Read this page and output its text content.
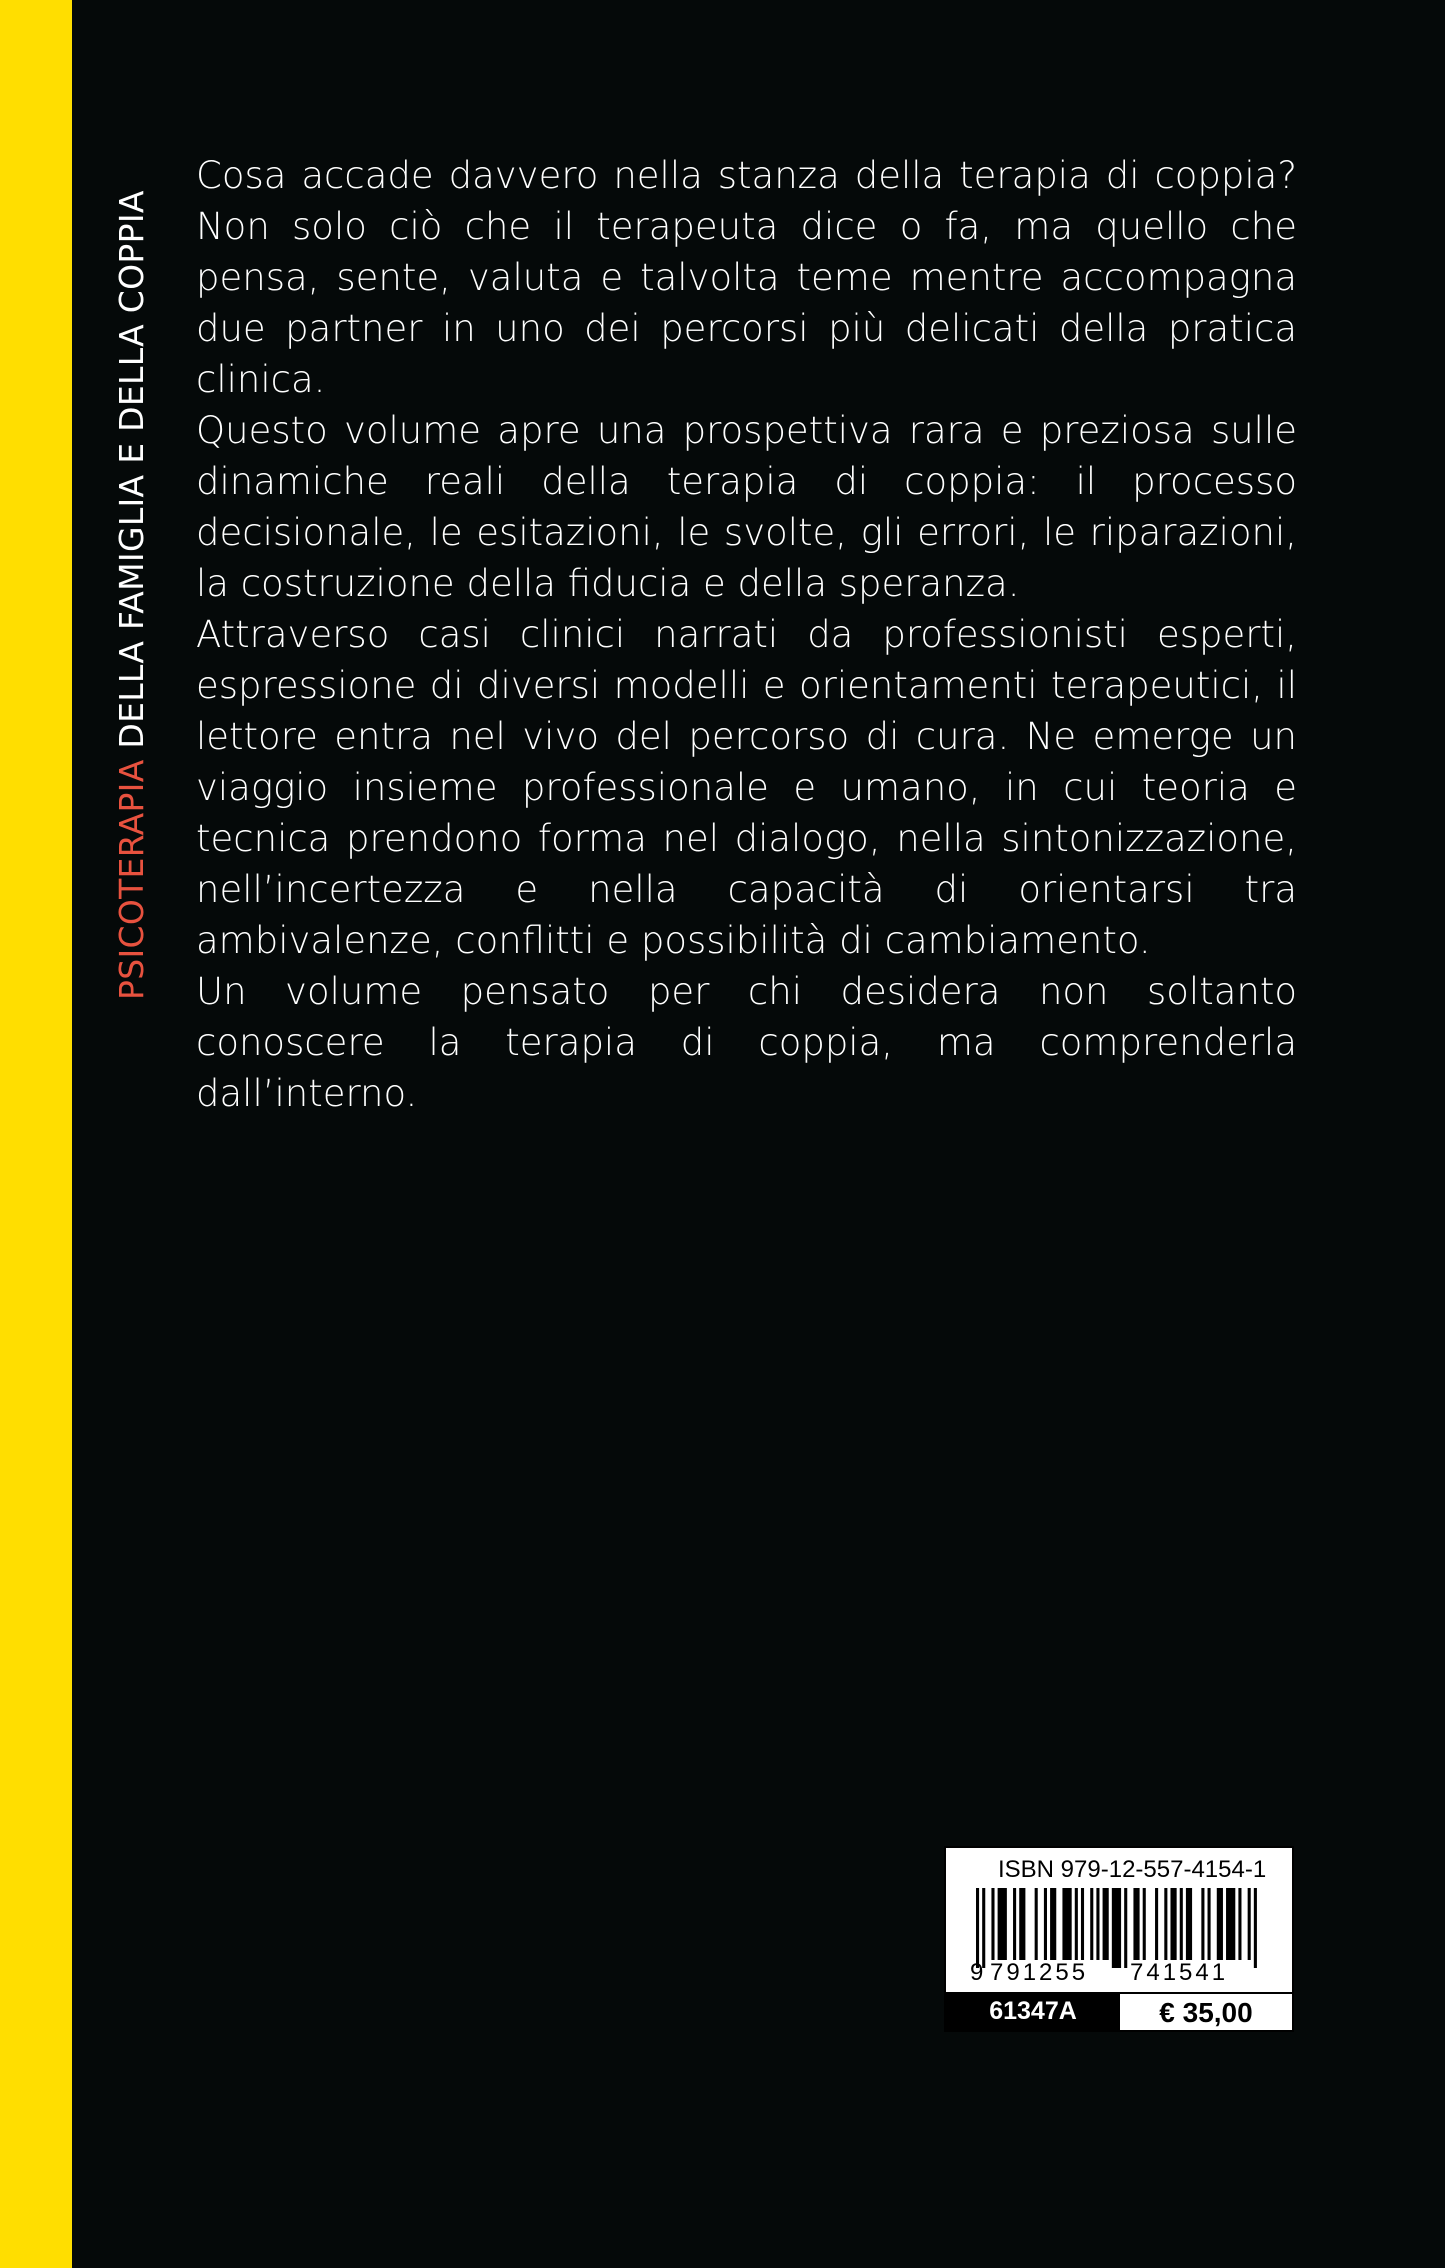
PSICOTERAPIA DELLA FAMIGLIA E DELLA COPPIA

Cosa accade davvero nella stanza della terapia di coppia? Non solo ciò che il terapeuta dice o fa, ma quello che pensa, sente, valuta e talvolta teme mentre accompagna due partner in uno dei percorsi più delicati della pratica clinica.

Questo volume apre una prospettiva rara e preziosa sulle dinamiche reali della terapia di coppia: il processo decisionale, le esitazioni, le svolte, gli errori, le riparazioni, la costruzione della fiducia e della speranza.

Attraverso casi clinici narrati da professionisti esperti, espressione di diversi modelli e orientamenti terapeutici, il lettore entra nel vivo del percorso di cura. Ne emerge un viaggio insieme professionale e umano, in cui teoria e tecnica prendono forma nel dialogo, nella sintonizzazione, nell’incertezza e nella capacità di orientarsi tra ambivalenze, conflitti e possibilità di cambiamento.

Un volume pensato per chi desidera non soltanto conoscere la terapia di coppia, ma comprenderla dall’interno.

ISBN 979-12-557-4154-1
9 791255 741541
61347A	€ 35,00
